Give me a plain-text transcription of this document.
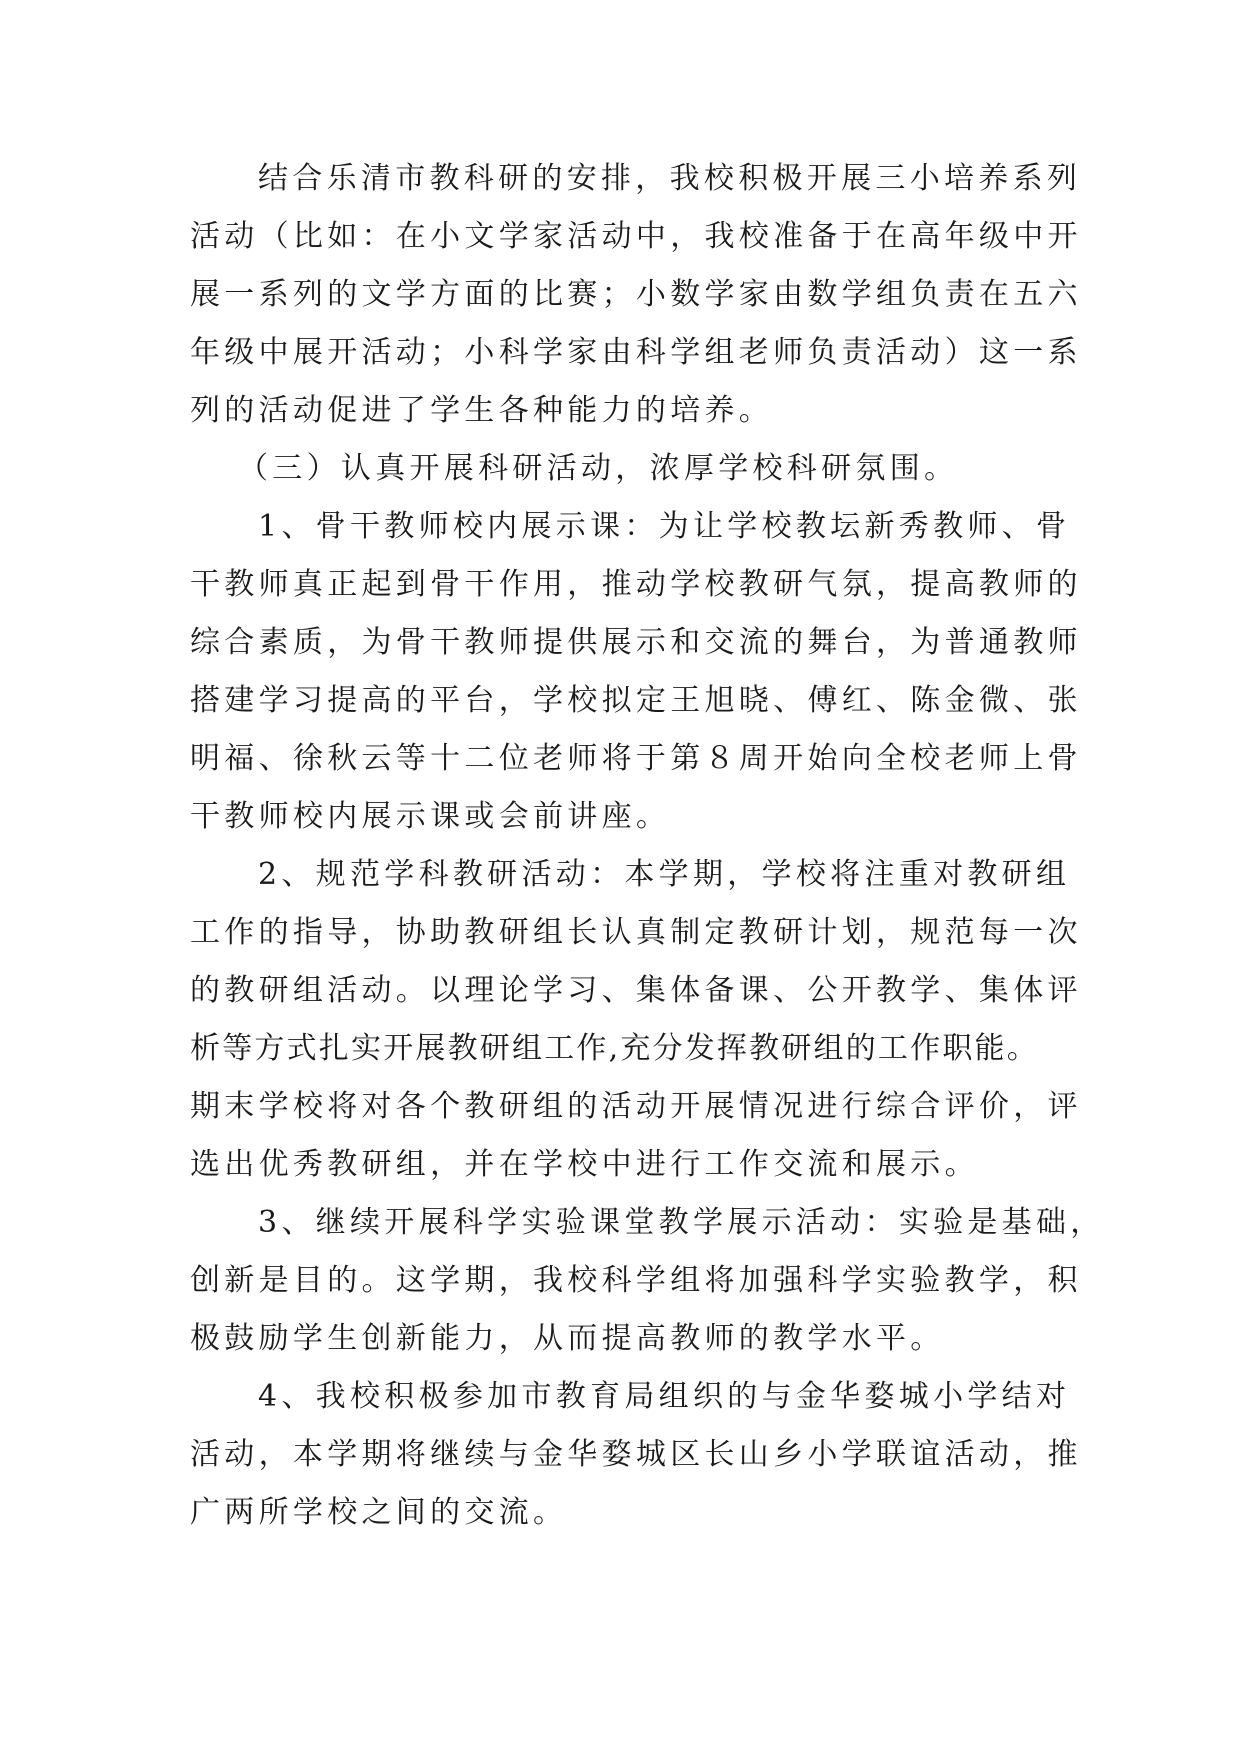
结合乐清市教科研的安排，我校积极开展三小培养系列
活动（比如：在小文学家活动中，我校准备于在高年级中开
展一系列的文学方面的比赛；小数学家由数学组负责在五六
年级中展开活动；小科学家由科学组老师负责活动）这一系
列的活动促进了学生各种能力的培养。

（三）认真开展科研活动，浓厚学校科研氛围。

1、骨干教师校内展示课：为让学校教坛新秀教师、骨
干教师真正起到骨干作用，推动学校教研气氛，提高教师的
综合素质，为骨干教师提供展示和交流的舞台，为普通教师
搭建学习提高的平台，学校拟定王旭晓、傅红、陈金微、张
明福、徐秋云等十二位老师将于第８周开始向全校老师上骨
干教师校内展示课或会前讲座。

2、规范学科教研活动：本学期，学校将注重对教研组
工作的指导，协助教研组长认真制定教研计划，规范每一次
的教研组活动。以理论学习、集体备课、公开教学、集体评
析等方式扎实开展教研组工作,充分发挥教研组的工作职能。
期末学校将对各个教研组的活动开展情况进行综合评价，评
选出优秀教研组，并在学校中进行工作交流和展示。

3、继续开展科学实验课堂教学展示活动：实验是基础，
创新是目的。这学期，我校科学组将加强科学实验教学，积
极鼓励学生创新能力，从而提高教师的教学水平。

4、我校积极参加市教育局组织的与金华婺城小学结对
活动，本学期将继续与金华婺城区长山乡小学联谊活动，推
广两所学校之间的交流。
